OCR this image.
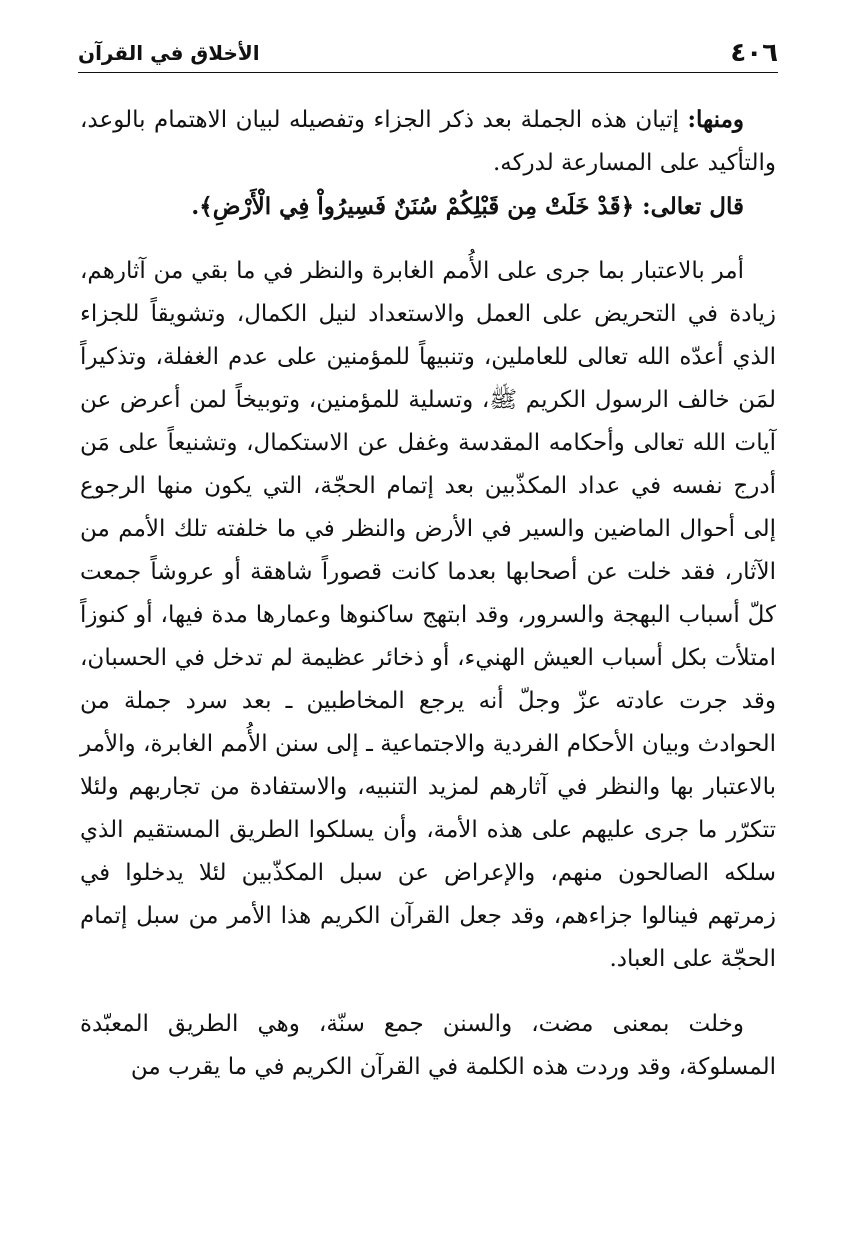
٤٠٦
الأخلاق في القرآن

ومنها: إتيان هذه الجملة بعد ذكر الجزاء وتفصيله لبيان الاهتمام بالوعد، والتأكيد على المسارعة لدركه.

قال تعالى: ﴿قَدْ خَلَتْ مِن قَبْلِكُمْ سُنَنٌ فَسِيرُواْ فِي الْأَرْضِ﴾.

أمر بالاعتبار بما جرى على الأُمم الغابرة والنظر في ما بقي من آثارهم، زيادة في التحريض على العمل والاستعداد لنيل الكمال، وتشويقاً للجزاء الذي أعدّه الله تعالى للعاملين، وتنبيهاً للمؤمنين على عدم الغفلة، وتذكيراً لمَن خالف الرسول الكريم ﷺ، وتسلية للمؤمنين، وتوبيخاً لمن أعرض عن آيات الله تعالى وأحكامه المقدسة وغفل عن الاستكمال، وتشنيعاً على مَن أدرج نفسه في عداد المكذّبين بعد إتمام الحجّة، التي يكون منها الرجوع إلى أحوال الماضين والسير في الأرض والنظر في ما خلفته تلك الأمم من الآثار، فقد خلت عن أصحابها بعدما كانت قصوراً شاهقة أو عروشاً جمعت كلّ أسباب البهجة والسرور، وقد ابتهج ساكنوها وعمارها مدة فيها، أو كنوزاً امتلأت بكل أسباب العيش الهنيء، أو ذخائر عظيمة لم تدخل في الحسبان، وقد جرت عادته عزّ وجلّ أنه يرجع المخاطبين ـ بعد سرد جملة من الحوادث وبيان الأحكام الفردية والاجتماعية ـ إلى سنن الأُمم الغابرة، والأمر بالاعتبار بها والنظر في آثارهم لمزيد التنبيه، والاستفادة من تجاربهم ولئلا تتكرّر ما جرى عليهم على هذه الأمة، وأن يسلكوا الطريق المستقيم الذي سلكه الصالحون منهم، والإعراض عن سبل المكذّبين لئلا يدخلوا في زمرتهم فينالوا جزاءهم، وقد جعل القرآن الكريم هذا الأمر من سبل إتمام الحجّة على العباد.

وخلت بمعنى مضت، والسنن جمع سنّة، وهي الطريق المعبّدة المسلوكة، وقد وردت هذه الكلمة في القرآن الكريم في ما يقرب من
